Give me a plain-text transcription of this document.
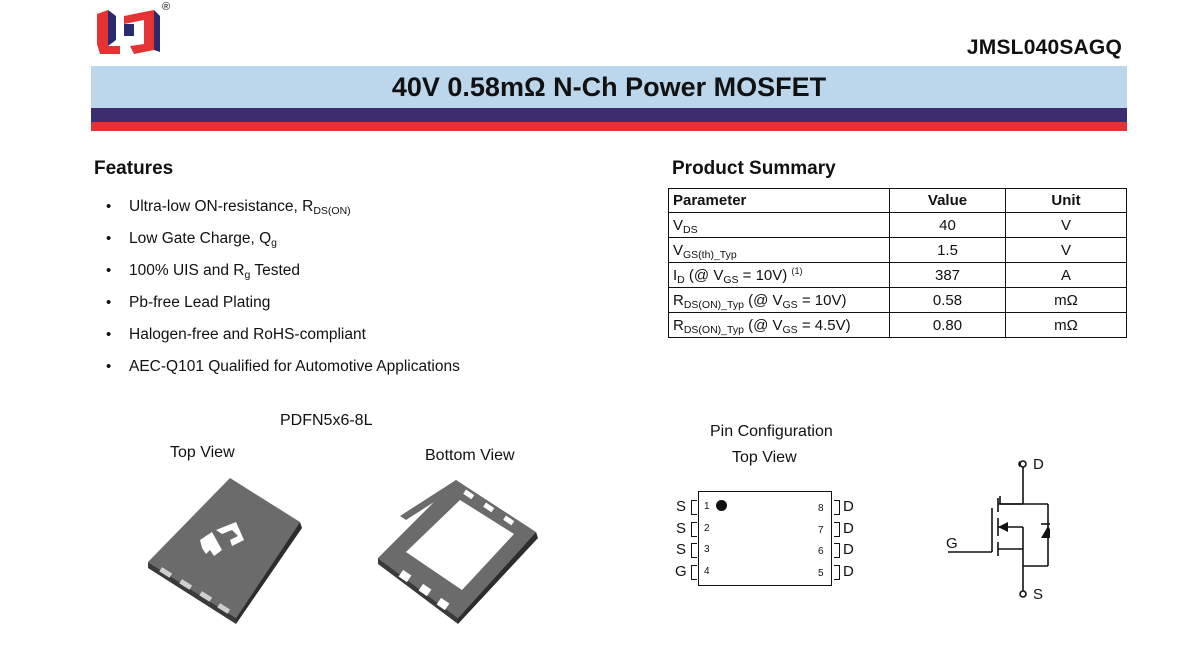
®
JMSL040SAGQ
40V 0.58mΩ N-Ch Power MOSFET
Features
• Ultra-low ON-resistance, $R_{DS(ON)}$
• Low Gate Charge, $Q_g$
• 100% UIS and $R_g$ Tested
• Pb-free Lead Plating
• Halogen-free and RoHS-compliant
• AEC-Q101 Qualified for Automotive Applications
Product Summary
Parameter	Value	Unit
$V_{DS}$	40	V
$V_{GS(th)\_Typ}$	1.5	V
$I_D$ (@ $V_{GS} = 10V$) $^{(1)}$	387	A
$R_{DS(ON)\_Typ}$ (@ $V_{GS} = 10V$)	0.58	mΩ
$R_{DS(ON)\_Typ}$ (@ $V_{GS} = 4.5V$)	0.80	mΩ
PDFN5x6-8L
Top View	Bottom View
Pin Configuration
Top View
S 1
S 2
S 3
G 4
8 D
7 D
6 D
5 D
D
G
S
